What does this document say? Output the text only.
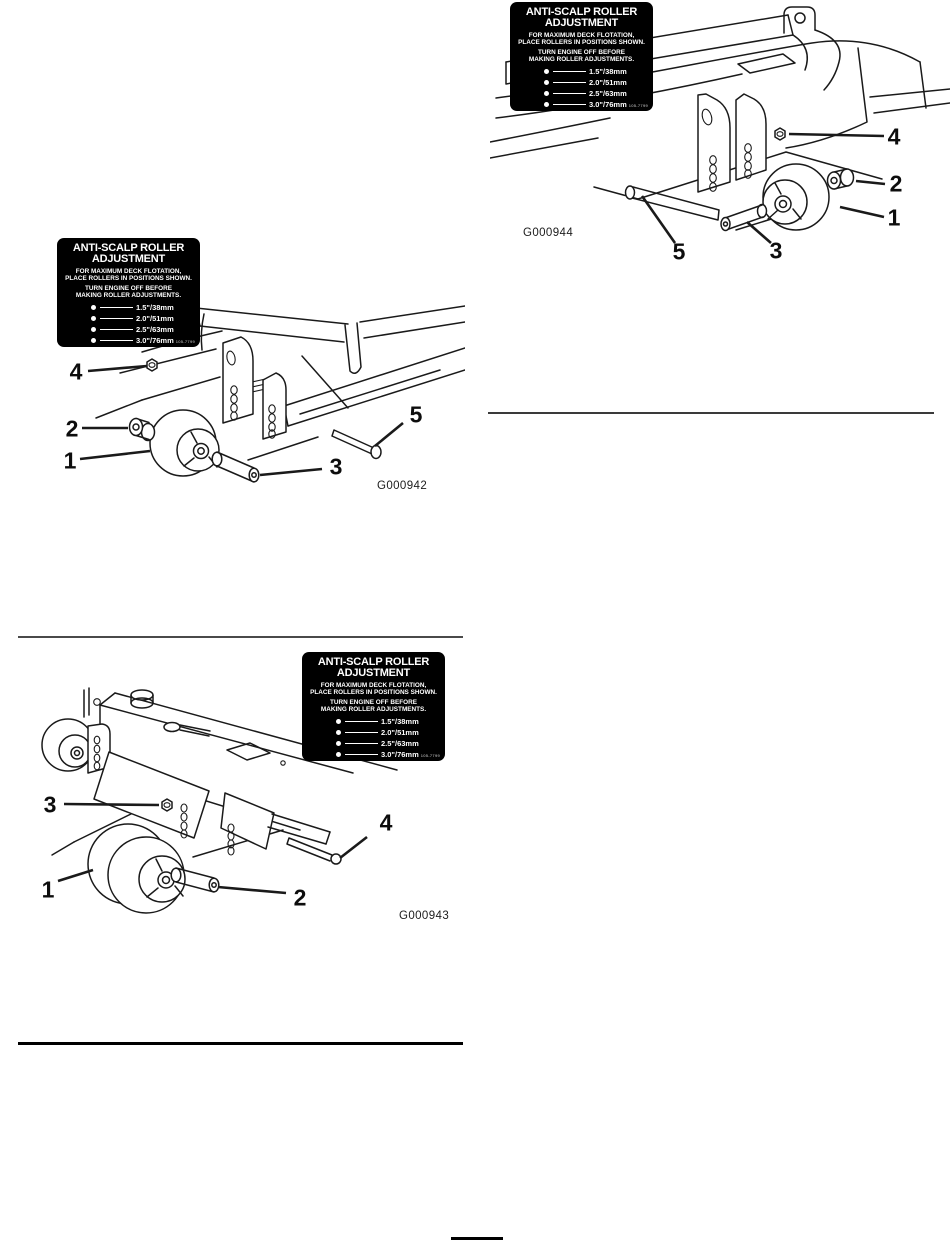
ANTI-SCALP ROLLER
ADJUSTMENT
FOR MAXIMUM DECK FLOTATION,
PLACE ROLLERS IN POSITIONS SHOWN.
TURN ENGINE OFF BEFORE
MAKING ROLLER ADJUSTMENTS.
1.5"/38mm
2.0"/51mm
2.5"/63mm
3.0"/76mm 105-7799
4
2
1
5	3
G000944
ANTI-SCALP ROLLER
ADJUSTMENT
FOR MAXIMUM DECK FLOTATION,
PLACE ROLLERS IN POSITIONS SHOWN.
TURN ENGINE OFF BEFORE
MAKING ROLLER ADJUSTMENTS.
1.5"/38mm
2.0"/51mm
2.5"/63mm
3.0"/76mm 105-7799
4
2
1
5
3
G000942
ANTI-SCALP ROLLER
ADJUSTMENT
FOR MAXIMUM DECK FLOTATION,
PLACE ROLLERS IN POSITIONS SHOWN.
TURN ENGINE OFF BEFORE
MAKING ROLLER ADJUSTMENTS.
1.5"/38mm
2.0"/51mm
2.5"/63mm
3.0"/76mm 105-7799
3
1	2
4
G000943
